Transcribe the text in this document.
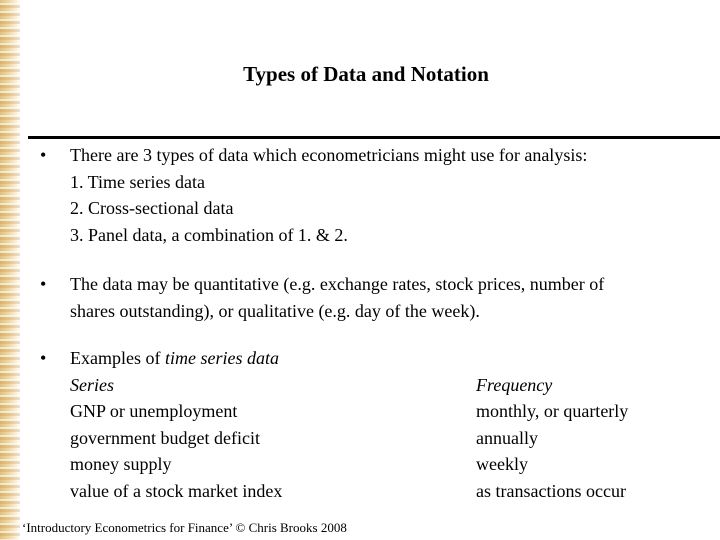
Types of Data and Notation
• There are 3 types of data which econometricians might use for analysis:
1. Time series data
2. Cross-sectional data
3. Panel data, a combination of 1. & 2.
• The data may be quantitative (e.g. exchange rates, stock prices, number of
shares outstanding), or qualitative (e.g. day of the week).
• Examples of time series data
Series	Frequency
GNP or unemployment	monthly, or quarterly
government budget deficit	annually
money supply	weekly
value of a stock market index	as transactions occur
‘Introductory Econometrics for Finance’ © Chris Brooks 2008
